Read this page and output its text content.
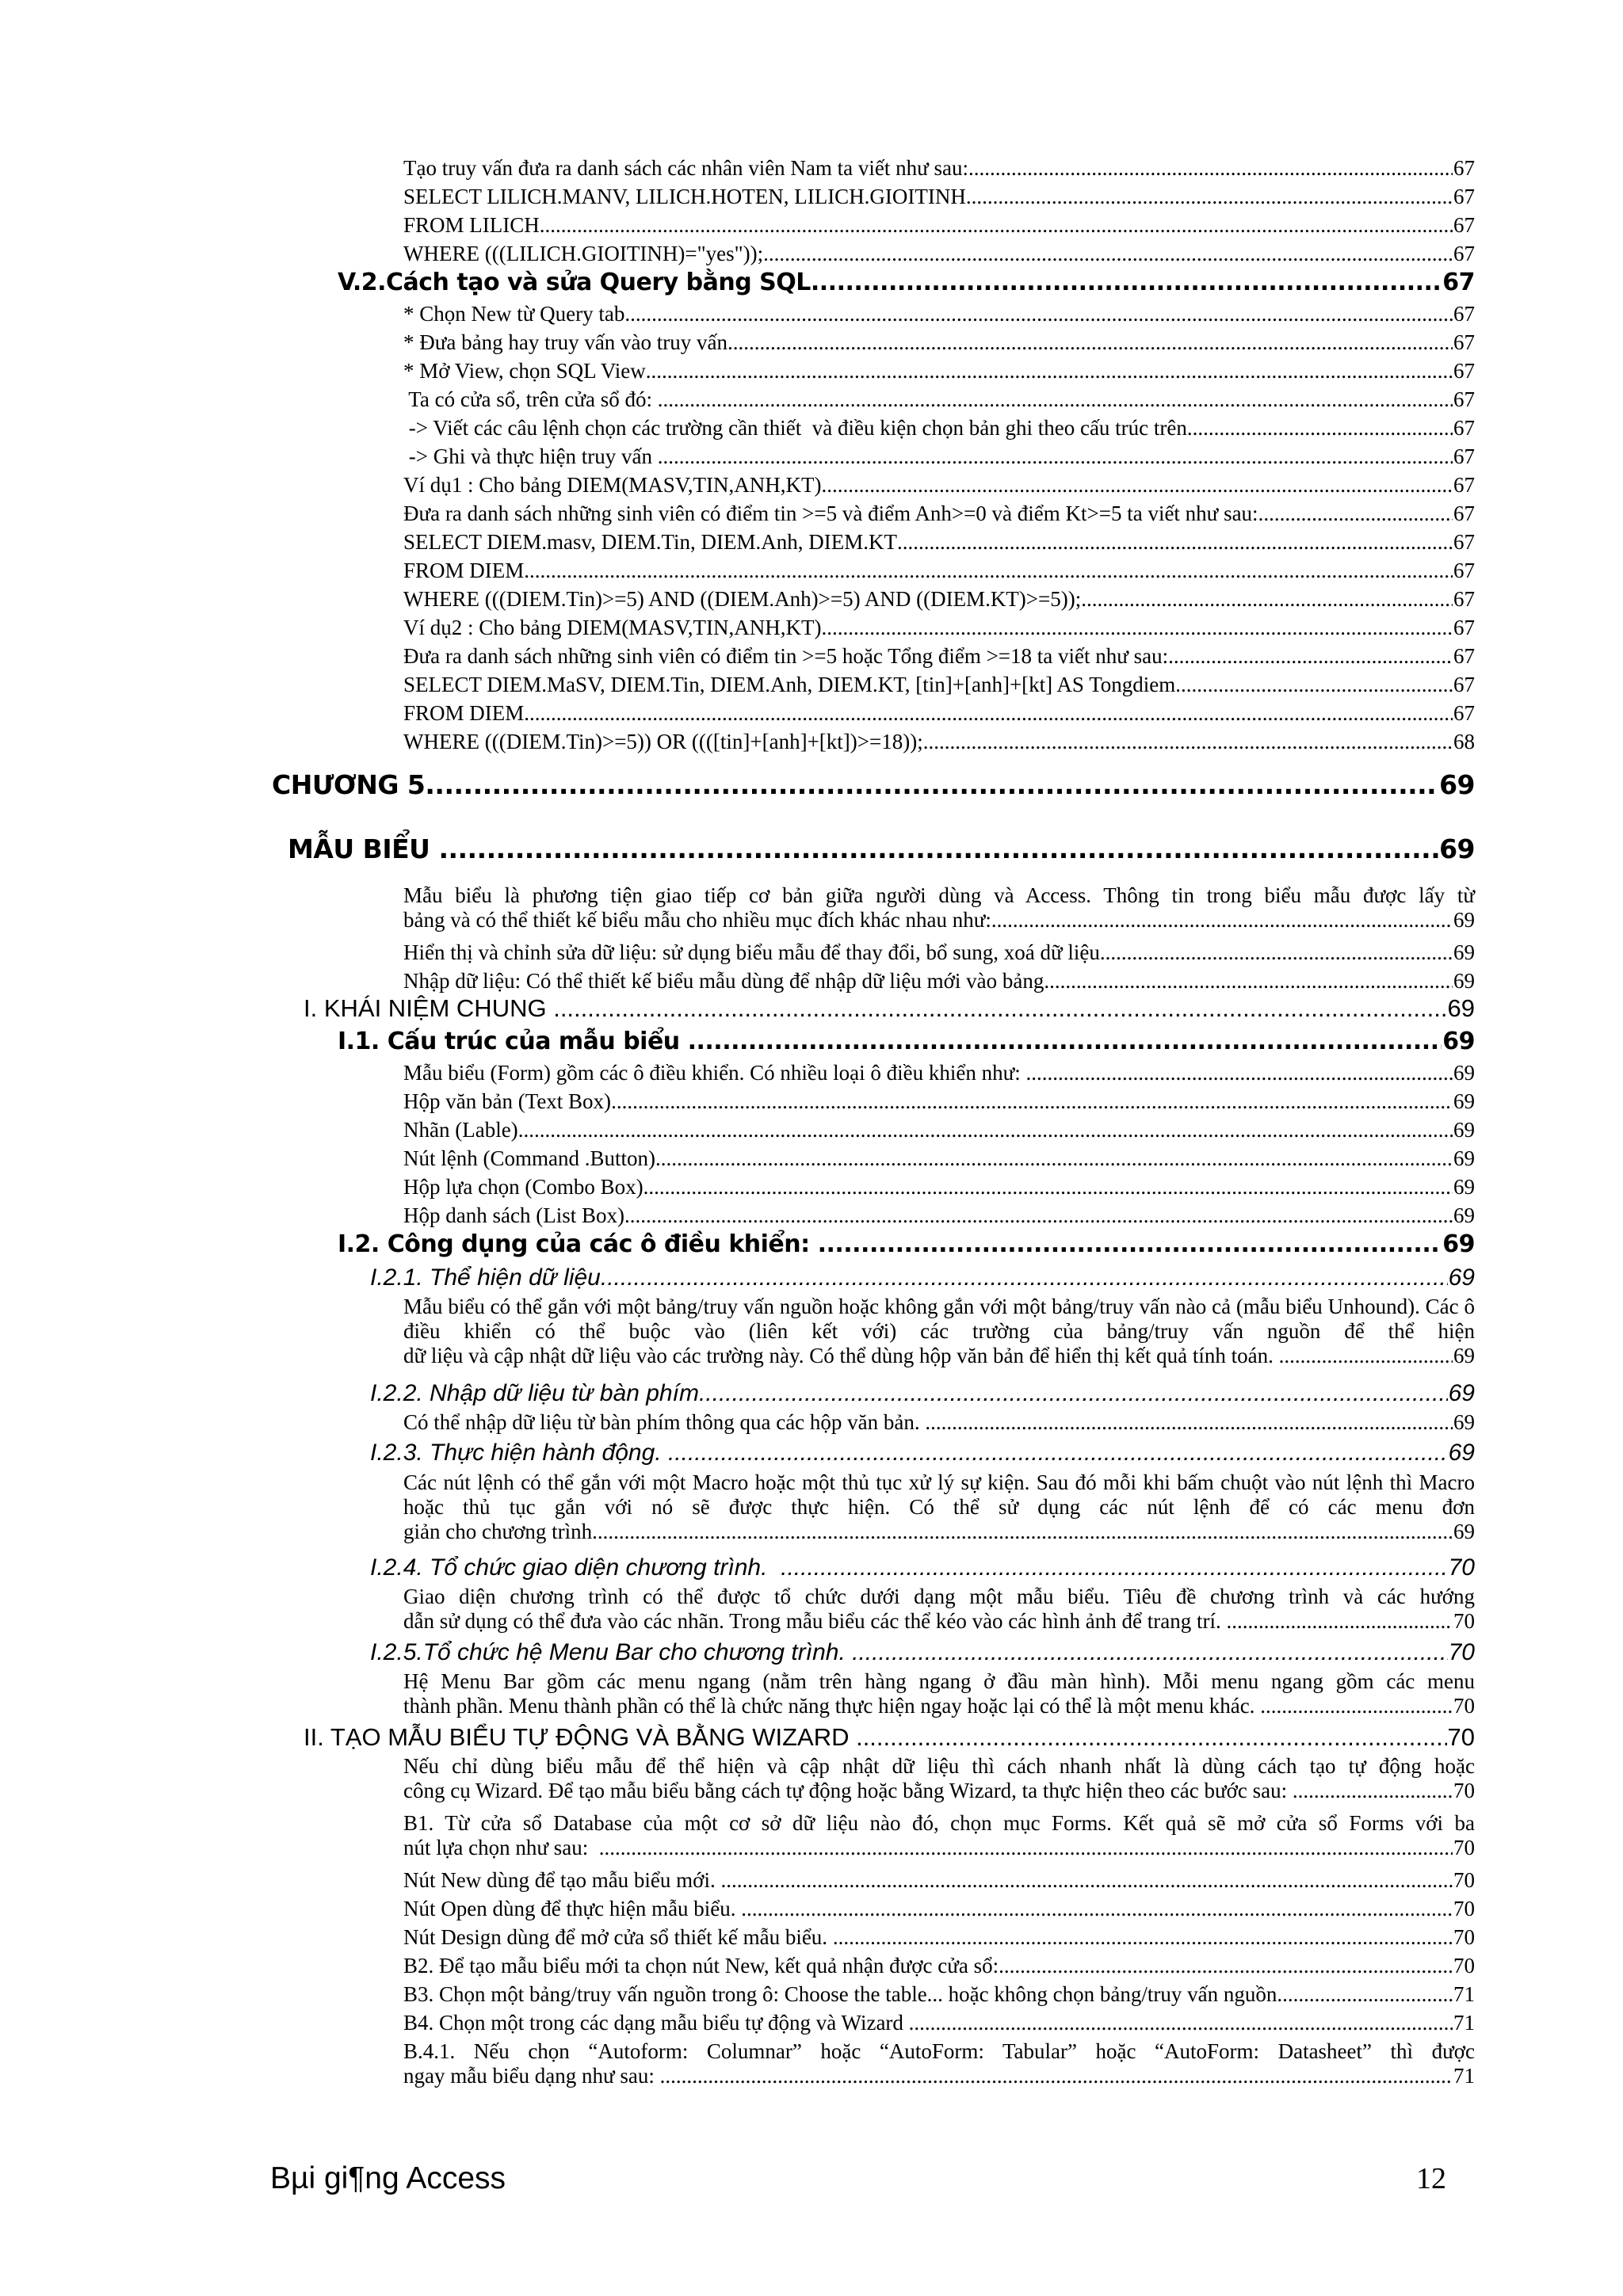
Tạo truy vấn đưa ra danh sách các nhân viên Nam ta viết như sau: .....	67
SELECT LILICH.MANV, LILICH.HOTEN, LILICH.GIOITINH .....	67
FROM LILICH .....	67
WHERE (((LILICH.GIOITINH)="yes")); .....	67
V.2.Cách tạo và sửa Query bằng SQL .....	67
* Chọn New từ Query tab .....	67
* Đưa bảng hay truy vấn vào truy vấn .....	67
* Mở View, chọn SQL View .....	67
Ta có cửa sổ, trên cửa sổ đó: .....	67
-> Viết các câu lệnh chọn các trường cần thiết  và điều kiện chọn bản ghi theo cấu trúc trên .....	67
-> Ghi và thực hiện truy vấn .....	67
Ví dụ1 : Cho bảng DIEM(MASV,TIN,ANH,KT) .....	67
Đưa ra danh sách những sinh viên có điểm tin >=5 và điểm Anh>=0 và điểm Kt>=5 ta viết như sau: .....	67
SELECT DIEM.masv, DIEM.Tin, DIEM.Anh, DIEM.KT .....	67
FROM DIEM .....	67
WHERE (((DIEM.Tin)>=5) AND ((DIEM.Anh)>=5) AND ((DIEM.KT)>=5)); .....	67
Ví dụ2 : Cho bảng DIEM(MASV,TIN,ANH,KT) .....	67
Đưa ra danh sách những sinh viên có điểm tin >=5 hoặc Tổng điểm >=18 ta viết như sau: .....	67
SELECT DIEM.MaSV, DIEM.Tin, DIEM.Anh, DIEM.KT, [tin]+[anh]+[kt] AS Tongdiem .....	67
FROM DIEM .....	67
WHERE (((DIEM.Tin)>=5)) OR ((([tin]+[anh]+[kt])>=18)); .....	68
CHƯƠNG 5 .....	69
MẪU BIỂU .....	69
Mẫu biểu là phương tiện giao tiếp cơ bản giữa người dùng và Access. Thông tin trong biểu mẫu được lấy từ
bảng và có thể thiết kế biểu mẫu cho nhiều mục đích khác nhau như: .....	69
Hiển thị và chỉnh sửa dữ liệu: sử dụng biểu mẫu để thay đổi, bổ sung, xoá dữ liệu .....	69
Nhập dữ liệu: Có thể thiết kế biểu mẫu dùng để nhập dữ liệu mới vào bảng .....	69
I. KHÁI NIỆM CHUNG .....	69
I.1. Cấu trúc của mẫu biểu .....	69
Mẫu biểu (Form) gồm các ô điều khiển. Có nhiều loại ô điều khiển như: .....	69
Hộp văn bản (Text Box) .....	69
Nhãn (Lable) .....	69
Nút lệnh (Command .Button) .....	69
Hộp lựa chọn (Combo Box) .....	69
Hộp danh sách (List Box) .....	69
I.2. Công dụng của các ô điều khiển: .....	69
I.2.1. Thể hiện dữ liệu .....	69
Mẫu biểu có thể gắn với một bảng/truy vấn nguồn hoặc không gắn với một bảng/truy vấn nào cả (mẫu biểu Unhound). Các ô điều khiển có thể buộc vào (liên kết với) các trường của bảng/truy vấn nguồn để thể hiện
dữ liệu và cập nhật dữ liệu vào các trường này. Có thể dùng hộp văn bản để hiển thị kết quả tính toán. .....	69
I.2.2. Nhập dữ liệu từ bàn phím .....	69
Có thể nhập dữ liệu từ bàn phím thông qua các hộp văn bản. .....	69
I.2.3. Thực hiện hành động. .....	69
Các nút lệnh có thể gắn với một Macro hoặc một thủ tục xử lý sự kiện. Sau đó mỗi khi bấm chuột vào nút lệnh thì Macro hoặc thủ tục gắn với nó sẽ được thực hiện. Có thể sử dụng các nút lệnh để có các menu đơn
giản cho chương trình .....	69
I.2.4. Tổ chức giao diện chương trình. .....	70
Giao diện chương trình có thể được tổ chức dưới dạng một mẫu biểu. Tiêu đề chương trình và các hướng
dẫn sử dụng có thể đưa vào các nhãn. Trong mẫu biểu các thể kéo vào các hình ảnh để trang trí. .....	70
I.2.5.Tổ chức hệ Menu Bar cho chương trình. .....	70
Hệ Menu Bar gồm các menu ngang (nằm trên hàng ngang ở đầu màn hình). Mỗi menu ngang gồm các menu
thành phần. Menu thành phần có thể là chức năng thực hiện ngay hoặc lại có thể là một menu khác. .....	70
II. TẠO MẪU BIỂU TỰ ĐỘNG VÀ BẰNG WIZARD .....	70
Nếu chỉ dùng biểu mẫu để thể hiện và cập nhật dữ liệu thì cách nhanh nhất là dùng cách tạo tự động hoặc
công cụ Wizard. Để tạo mẫu biểu bằng cách tự động hoặc bằng Wizard, ta thực hiện theo các bước sau: .....	70
B1. Từ cửa sổ Database của một cơ sở dữ liệu nào đó, chọn mục Forms. Kết quả sẽ mở cửa sổ Forms với ba
nút lựa chọn như sau: .....	70
Nút New dùng để tạo mẫu biểu mới. .....	70
Nút Open dùng để thực hiện mẫu biểu. .....	70
Nút Design dùng để mở cửa sổ thiết kế mẫu biểu. .....	70
B2. Để tạo mẫu biểu mới ta chọn nút New, kết quả nhận được cửa sổ: .....	70
B3. Chọn một bảng/truy vấn nguồn trong ô: Choose the table... hoặc không chọn bảng/truy vấn nguồn .....	71
B4. Chọn một trong các dạng mẫu biểu tự động và Wizard .....	71
B.4.1. Nếu chọn “Autoform: Columnar” hoặc “AutoForm: Tabular” hoặc “AutoForm: Datasheet” thì được
ngay mẫu biểu dạng như sau: .....	71
Bµi gi¶ng Access	12
